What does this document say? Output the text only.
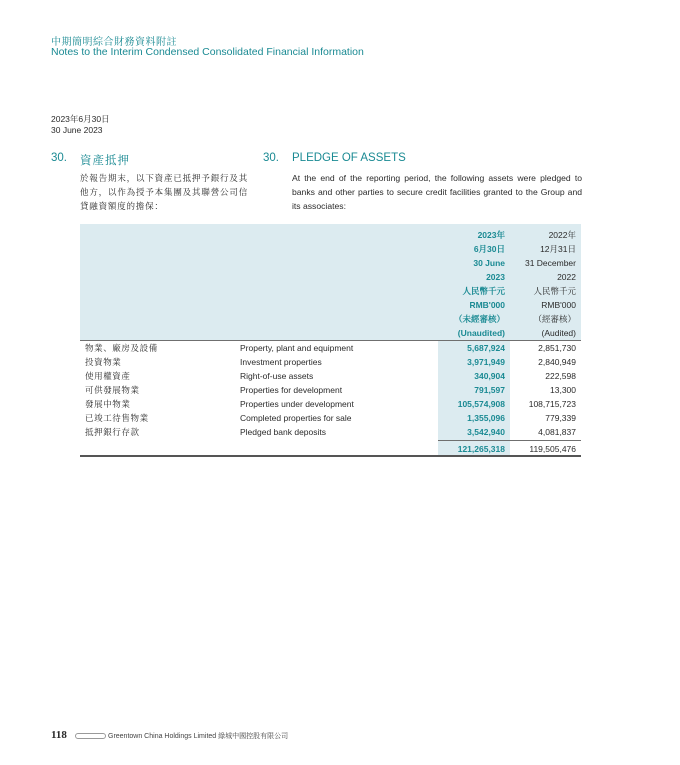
中期簡明綜合財務資料附註
Notes to the Interim Condensed Consolidated Financial Information
2023年6月30日
30 June 2023
30. 資產抵押	30. PLEDGE OF ASSETS
於報告期末，以下資產已抵押予銀行及其他方，以作為授予本集團及其聯營公司信貸融資額度的擔保：
At the end of the reporting period, the following assets were pledged to banks and other parties to secure credit facilities granted to the Group and its associates:
2023年
6月30日
30 June
2023
人民幣千元
RMB'000
（未經審核）
(Unaudited)
2022年
12月31日
31 December
2022
人民幣千元
RMB'000
（經審核）
(Audited)
物業、廠房及設備	Property, plant and equipment	5,687,924	2,851,730
投資物業	Investment properties	3,971,949	2,840,949
使用權資產	Right-of-use assets	340,904	222,598
可供發展物業	Properties for development	791,597	13,300
發展中物業	Properties under development	105,574,908	108,715,723
已竣工待售物業	Completed properties for sale	1,355,096	779,339
抵押銀行存款	Pledged bank deposits	3,542,940	4,081,837
121,265,318	119,505,476
118	Greentown China Holdings Limited 綠城中國控股有限公司
